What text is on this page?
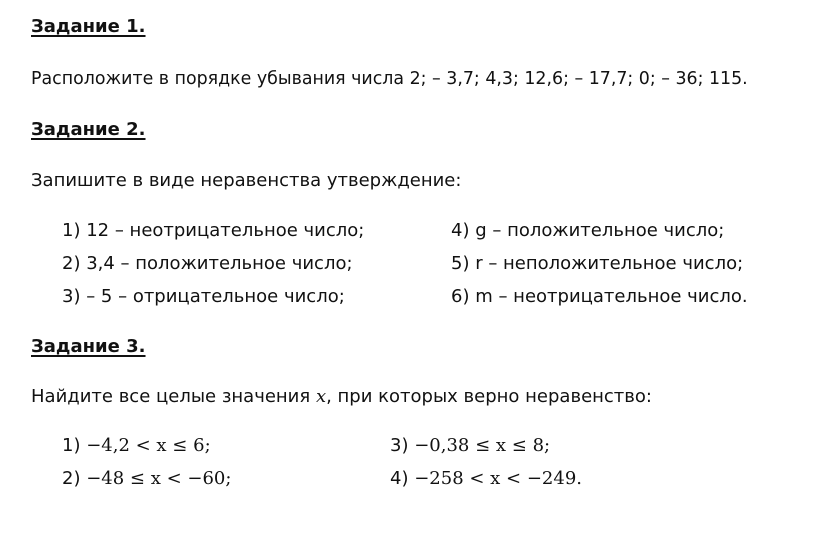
Задание 1.
Расположите в порядке убывания числа 2; – 3,7; 4,3; 12,6; – 17,7; 0; – 36; 115.
Задание 2.
Запишите в виде неравенства утверждение:
1) 12 – неотрицательное число;
2) 3,4 – положительное число;
3) – 5 – отрицательное число;
4) g – положительное число;
5) r – неположительное число;
6) m – неотрицательное число.
Задание 3.
Найдите все целые значения x, при которых верно неравенство:
1) −4,2 < x ≤ 6;
2) −48 ≤ x < −60;
3) −0,38 ≤ x ≤ 8;
4) −258 < x < −249.
